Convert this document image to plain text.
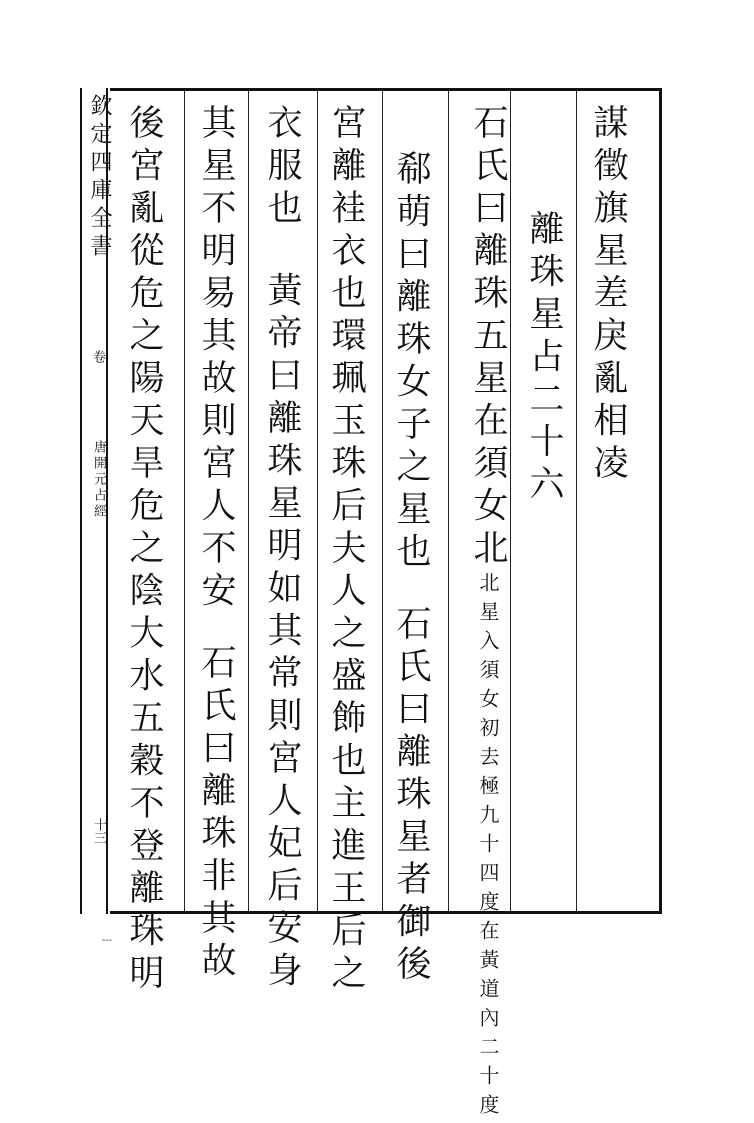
欽定四庫全書
卷
唐開元占經
十三
謀徵旗星差戾亂相凌
離珠星占二十六
石氏曰離珠五星在須女北北星入須女初去極九十四度在黃道內二十度
郗萌曰離珠女子之星也石氏曰離珠星者御後
宮離袿衣也環珮玉珠后夫人之盛飾也主進王后之
衣服也黃帝曰離珠星明如其常則宮人妃后安身
其星不明易其故則宮人不安石氏曰離珠非其故
後宮亂從危之陽天旱危之陰大水五穀不登離珠明
---
